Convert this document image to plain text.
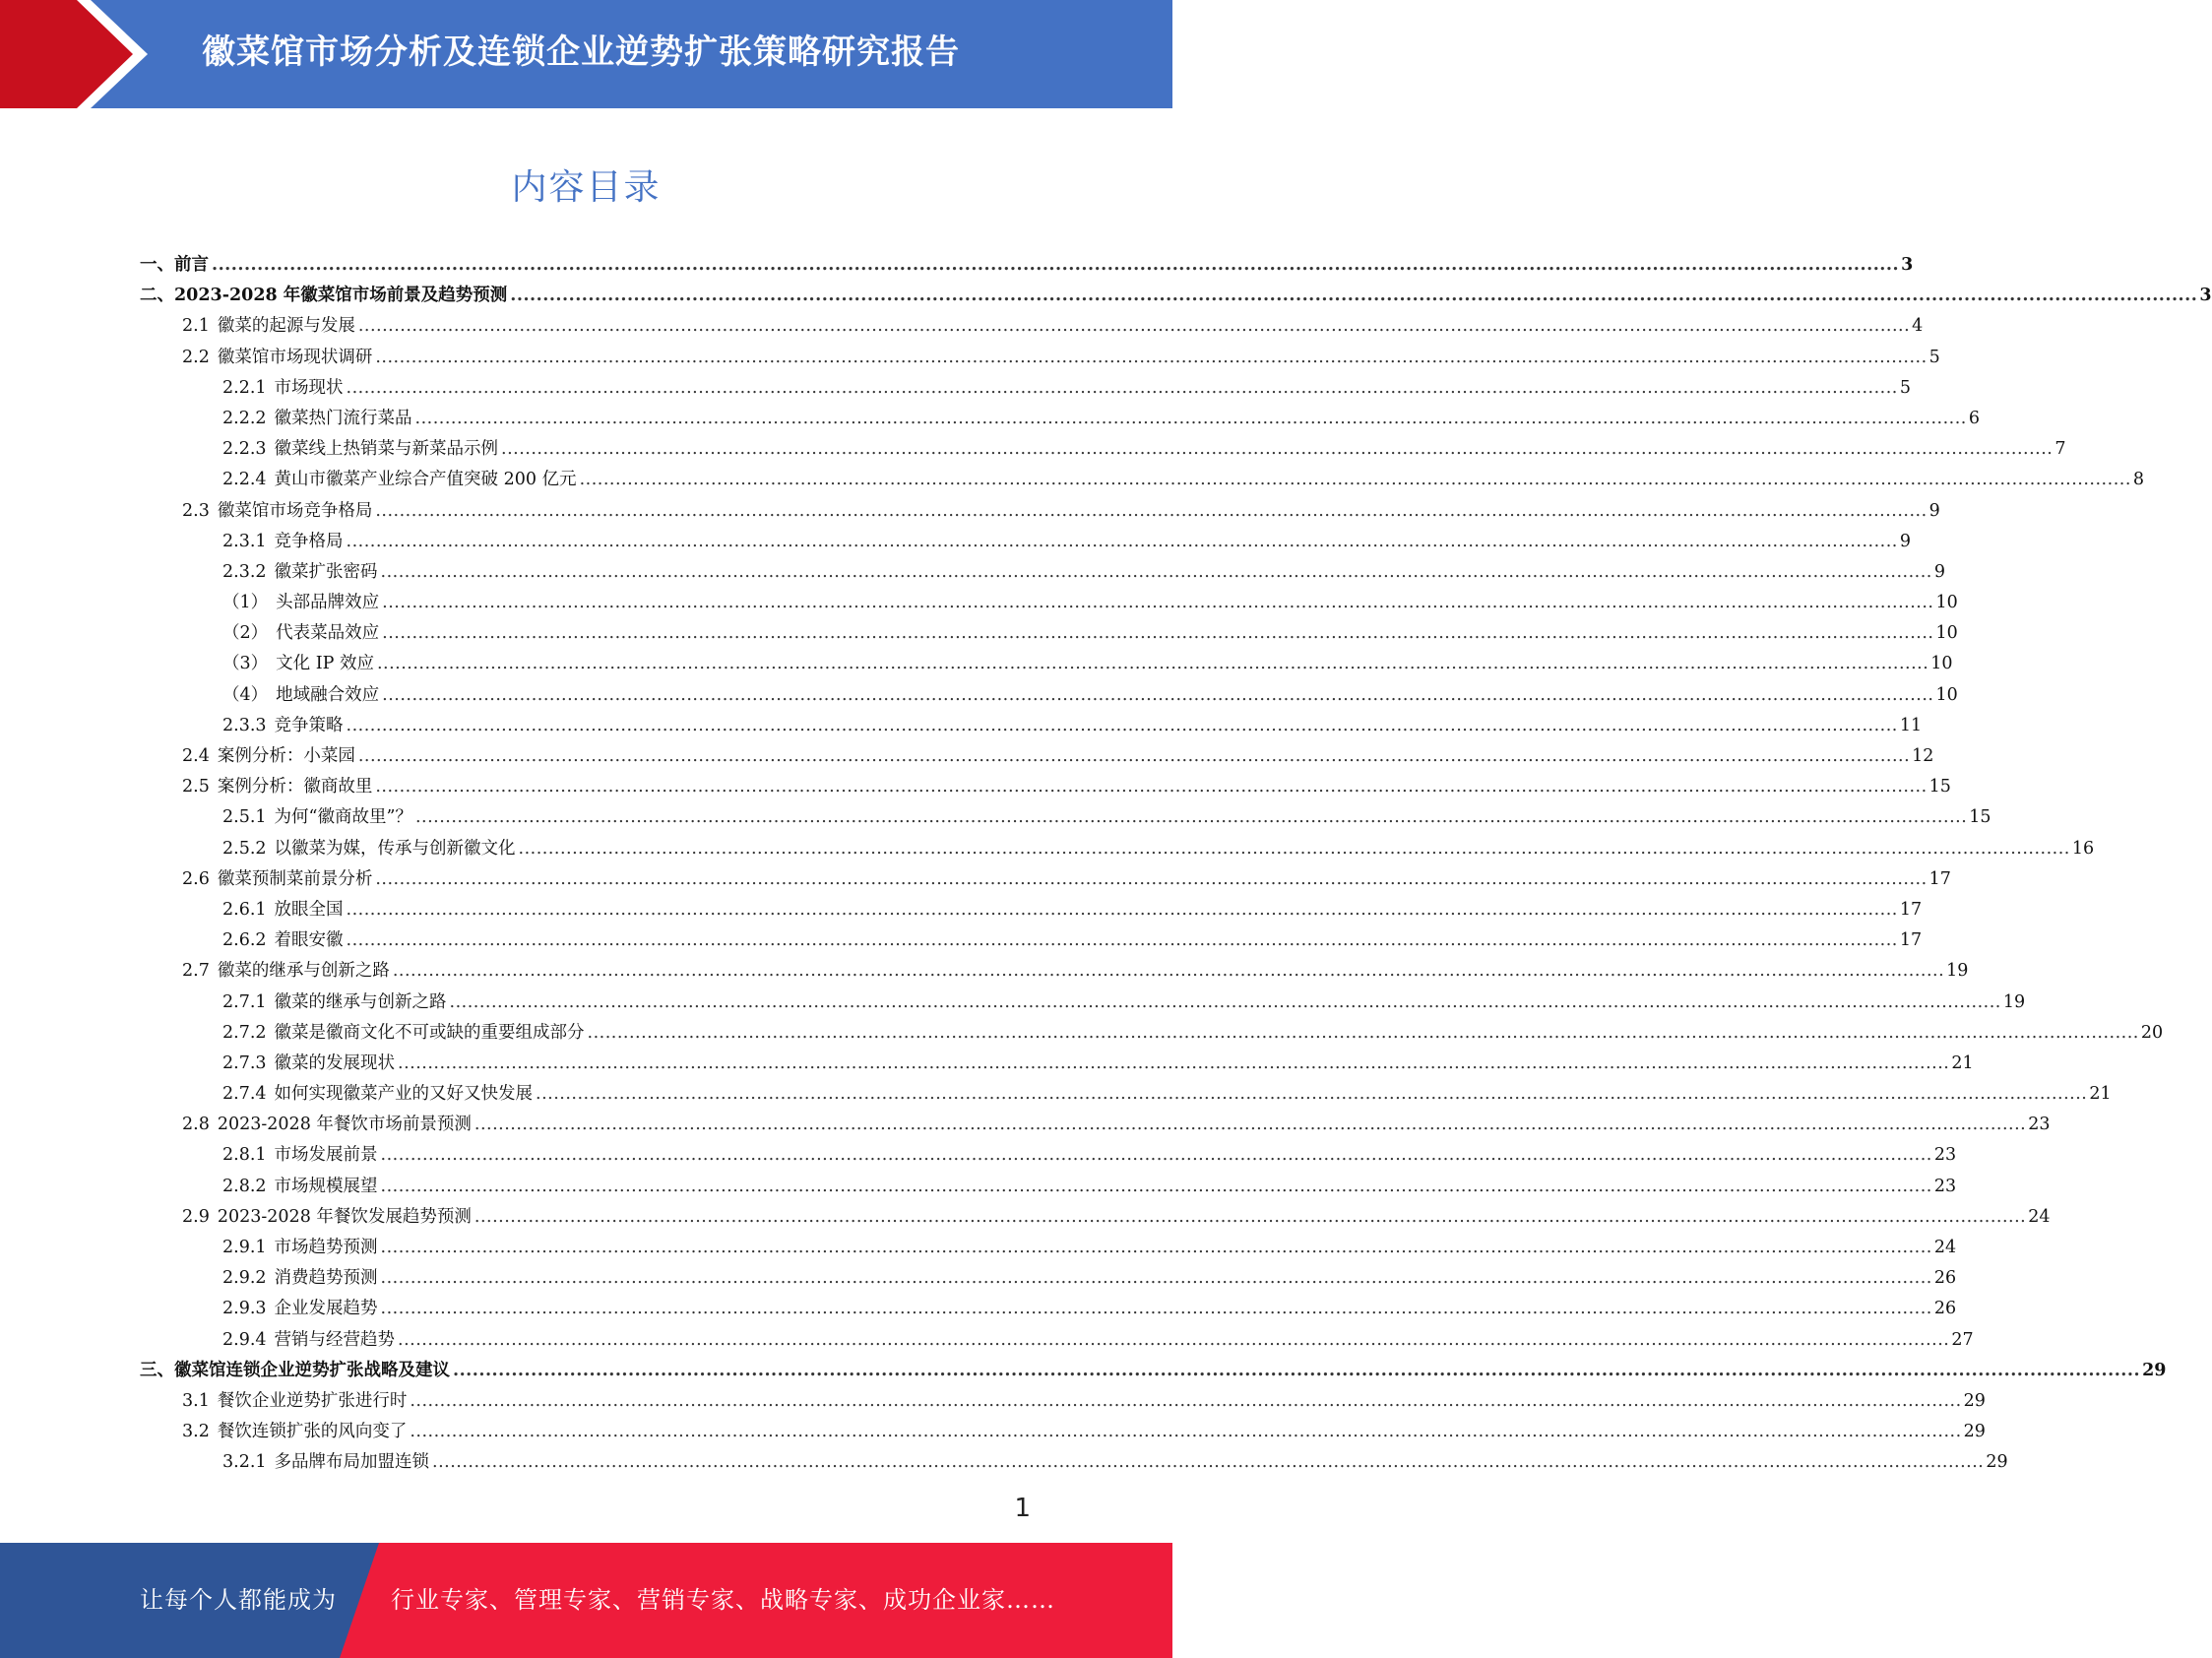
徽菜馆市场分析及连锁企业逆势扩张策略研究报告
内容目录
一、 前言 .................................................................................................................................................................................................................................................................... 3
二、 2023-2028 年徽菜馆市场前景及趋势预测 .................................................................................................................................................................................................................................................................... 3
2.1 徽菜的起源与发展 .................................................................................................................................................................................................................................................................... 4
2.2 徽菜馆市场现状调研 .................................................................................................................................................................................................................................................................... 5
2.2.1 市场现状 .................................................................................................................................................................................................................................................................... 5
2.2.2 徽菜热门流行菜品 .................................................................................................................................................................................................................................................................... 6
2.2.3 徽菜线上热销菜与新菜品示例 .................................................................................................................................................................................................................................................................... 7
2.2.4 黄山市徽菜产业综合产值突破 200 亿元 .................................................................................................................................................................................................................................................................... 8
2.3 徽菜馆市场竞争格局 .................................................................................................................................................................................................................................................................... 9
2.3.1 竞争格局 .................................................................................................................................................................................................................................................................... 9
2.3.2 徽菜扩张密码 .................................................................................................................................................................................................................................................................... 9
（1） 头部品牌效应 .................................................................................................................................................................................................................................................................... 10
（2） 代表菜品效应 .................................................................................................................................................................................................................................................................... 10
（3） 文化 IP 效应 .................................................................................................................................................................................................................................................................... 10
（4） 地域融合效应 .................................................................................................................................................................................................................................................................... 10
2.3.3 竞争策略 .................................................................................................................................................................................................................................................................... 11
2.4 案例分析：小菜园 .................................................................................................................................................................................................................................................................... 12
2.5 案例分析：徽商故里 .................................................................................................................................................................................................................................................................... 15
2.5.1 为何“徽商故里”？ .................................................................................................................................................................................................................................................................... 15
2.5.2 以徽菜为媒，传承与创新徽文化 .................................................................................................................................................................................................................................................................... 16
2.6 徽菜预制菜前景分析 .................................................................................................................................................................................................................................................................... 17
2.6.1 放眼全国 .................................................................................................................................................................................................................................................................... 17
2.6.2 着眼安徽 .................................................................................................................................................................................................................................................................... 17
2.7 徽菜的继承与创新之路 .................................................................................................................................................................................................................................................................... 19
2.7.1 徽菜的继承与创新之路 .................................................................................................................................................................................................................................................................... 19
2.7.2 徽菜是徽商文化不可或缺的重要组成部分 .................................................................................................................................................................................................................................................................... 20
2.7.3 徽菜的发展现状 .................................................................................................................................................................................................................................................................... 21
2.7.4 如何实现徽菜产业的又好又快发展 .................................................................................................................................................................................................................................................................... 21
2.8 2023-2028 年餐饮市场前景预测 .................................................................................................................................................................................................................................................................... 23
2.8.1 市场发展前景 .................................................................................................................................................................................................................................................................... 23
2.8.2 市场规模展望 .................................................................................................................................................................................................................................................................... 23
2.9 2023-2028 年餐饮发展趋势预测 .................................................................................................................................................................................................................................................................... 24
2.9.1 市场趋势预测 .................................................................................................................................................................................................................................................................... 24
2.9.2 消费趋势预测 .................................................................................................................................................................................................................................................................... 26
2.9.3 企业发展趋势 .................................................................................................................................................................................................................................................................... 26
2.9.4 营销与经营趋势 .................................................................................................................................................................................................................................................................... 27
三、 徽菜馆连锁企业逆势扩张战略及建议 .................................................................................................................................................................................................................................................................... 29
3.1 餐饮企业逆势扩张进行时 .................................................................................................................................................................................................................................................................... 29
3.2 餐饮连锁扩张的风向变了 .................................................................................................................................................................................................................................................................... 29
3.2.1 多品牌布局加盟连锁 .................................................................................................................................................................................................................................................................... 29
1
让每个人都能成为 行业专家、管理专家、营销专家、战略专家、成功企业家……
